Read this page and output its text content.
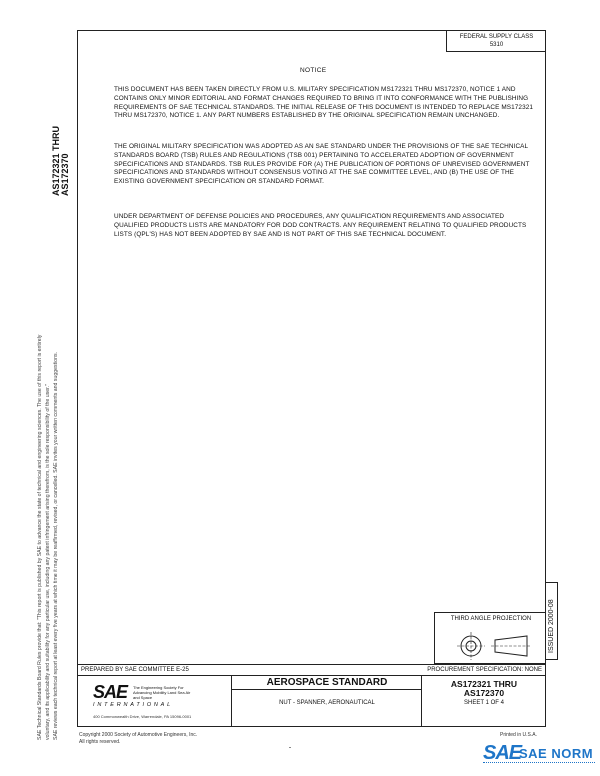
FEDERAL SUPPLY CLASS
5310
AS172321 THRU AS172370
SAE Technical Standards Board Rules provide that: "This report is published by SAE to advance the state of technical and engineering sciences. The use of this report is entirely voluntary, and its applicability and suitability for any particular use, including any patent infringement arising therefrom, is the sole responsibility of the user." SAE reviews each technical report at least every five years at which time it may be reaffirmed, revised, or cancelled. SAE invites your written comments and suggestions.
NOTICE
THIS DOCUMENT HAS BEEN TAKEN DIRECTLY FROM U.S. MILITARY SPECIFICATION MS172321 THRU MS172370, NOTICE 1 AND CONTAINS ONLY MINOR EDITORIAL AND FORMAT CHANGES REQUIRED TO BRING IT INTO CONFORMANCE WITH THE PUBLISHING REQUIREMENTS OF SAE TECHNICAL STANDARDS. THE INITIAL RELEASE OF THIS DOCUMENT IS INTENDED TO REPLACE MS172321 THRU MS172370, NOTICE 1. ANY PART NUMBERS ESTABLISHED BY THE ORIGINAL SPECIFICATION REMAIN UNCHANGED.
THE ORIGINAL MILITARY SPECIFICATION WAS ADOPTED AS AN SAE STANDARD UNDER THE PROVISIONS OF THE SAE TECHNICAL STANDARDS BOARD (TSB) RULES AND REGULATIONS (TSB 001) PERTAINING TO ACCELERATED ADOPTION OF GOVERNMENT SPECIFICATIONS AND STANDARDS. TSB RULES PROVIDE FOR (A) THE PUBLICATION OF PORTIONS OF UNREVISED GOVERNMENT SPECIFICATIONS AND STANDARDS WITHOUT CONSENSUS VOTING AT THE SAE COMMITTEE LEVEL, AND (B) THE USE OF THE EXISTING GOVERNMENT SPECIFICATION OR STANDARD FORMAT.
UNDER DEPARTMENT OF DEFENSE POLICIES AND PROCEDURES, ANY QUALIFICATION REQUIREMENTS AND ASSOCIATED QUALIFIED PRODUCTS LISTS ARE MANDATORY FOR DOD CONTRACTS. ANY REQUIREMENT RELATING TO QUALIFIED PRODUCTS LISTS (QPL'S) HAS NOT BEEN ADOPTED BY SAE AND IS NOT PART OF THIS SAE TECHNICAL DOCUMENT.
ISSUED 2000-08
THIRD ANGLE PROJECTION
PREPARED BY SAE COMMITTEE E-25	PROCUREMENT SPECIFICATION: NONE
SAE The Engineering Society For Advancing Mobility Land Sea Air and Space
INTERNATIONAL
400 Commonwealth Drive, Warrendale, PA 15096-0001
AEROSPACE STANDARD
NUT - SPANNER, AERONAUTICAL
AS172321 THRU
AS172370
SHEET 1 OF 4
Copyright 2000 Society of Automotive Engineers, Inc.
All rights reserved.
Printed in U.S.A.
SAE
SAE NORM
